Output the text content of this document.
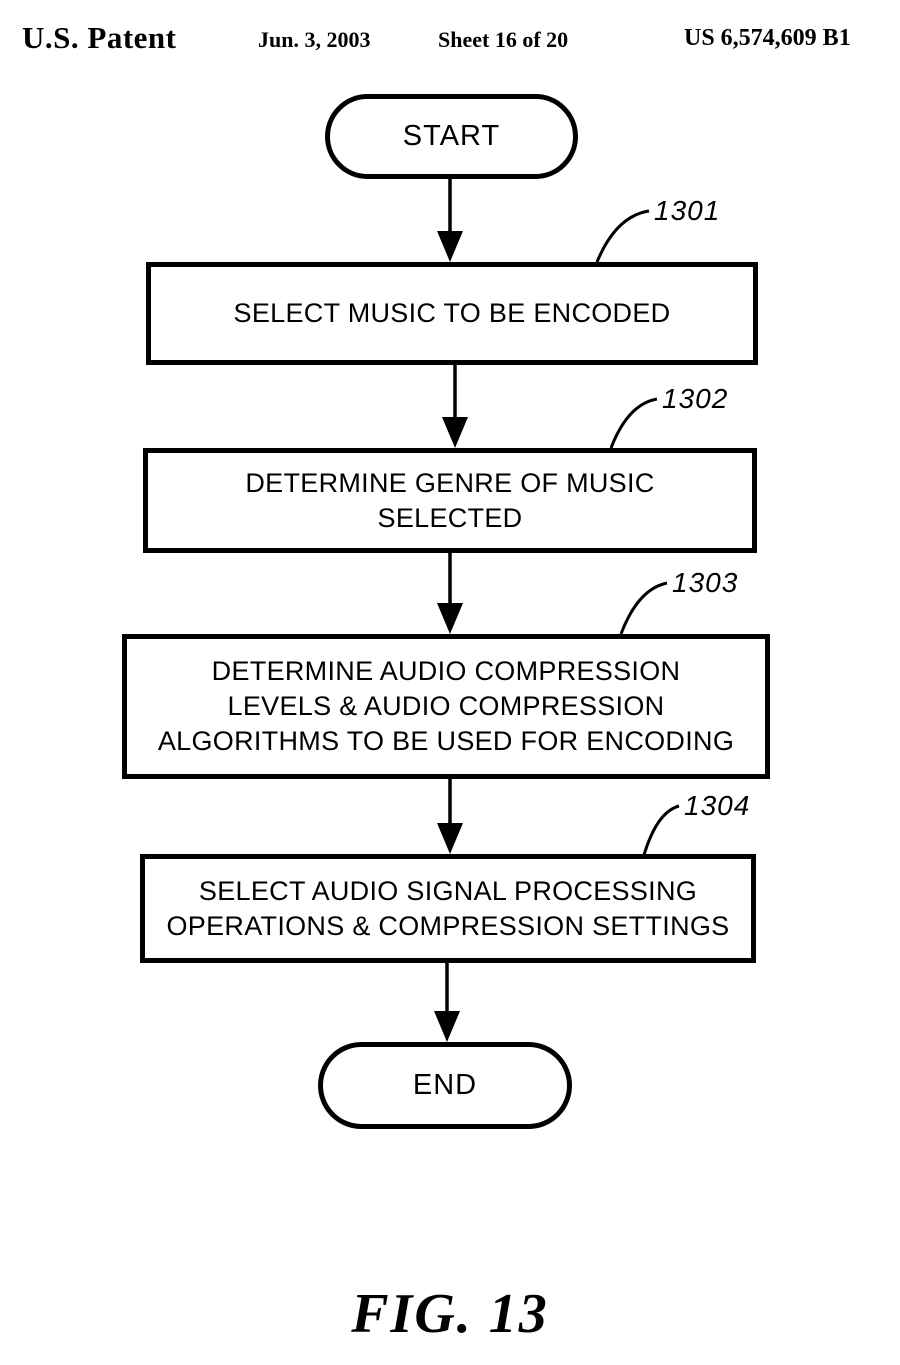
U.S. Patent	Jun. 3, 2003	Sheet 16 of 20	US 6,574,609 B1
START
1301
SELECT MUSIC TO BE ENCODED
1302
DETERMINE GENRE OF MUSIC
SELECTED
1303
DETERMINE AUDIO COMPRESSION
LEVELS & AUDIO COMPRESSION
ALGORITHMS TO BE USED FOR ENCODING
1304
SELECT AUDIO SIGNAL PROCESSING
OPERATIONS & COMPRESSION SETTINGS
END
FIG. 13
